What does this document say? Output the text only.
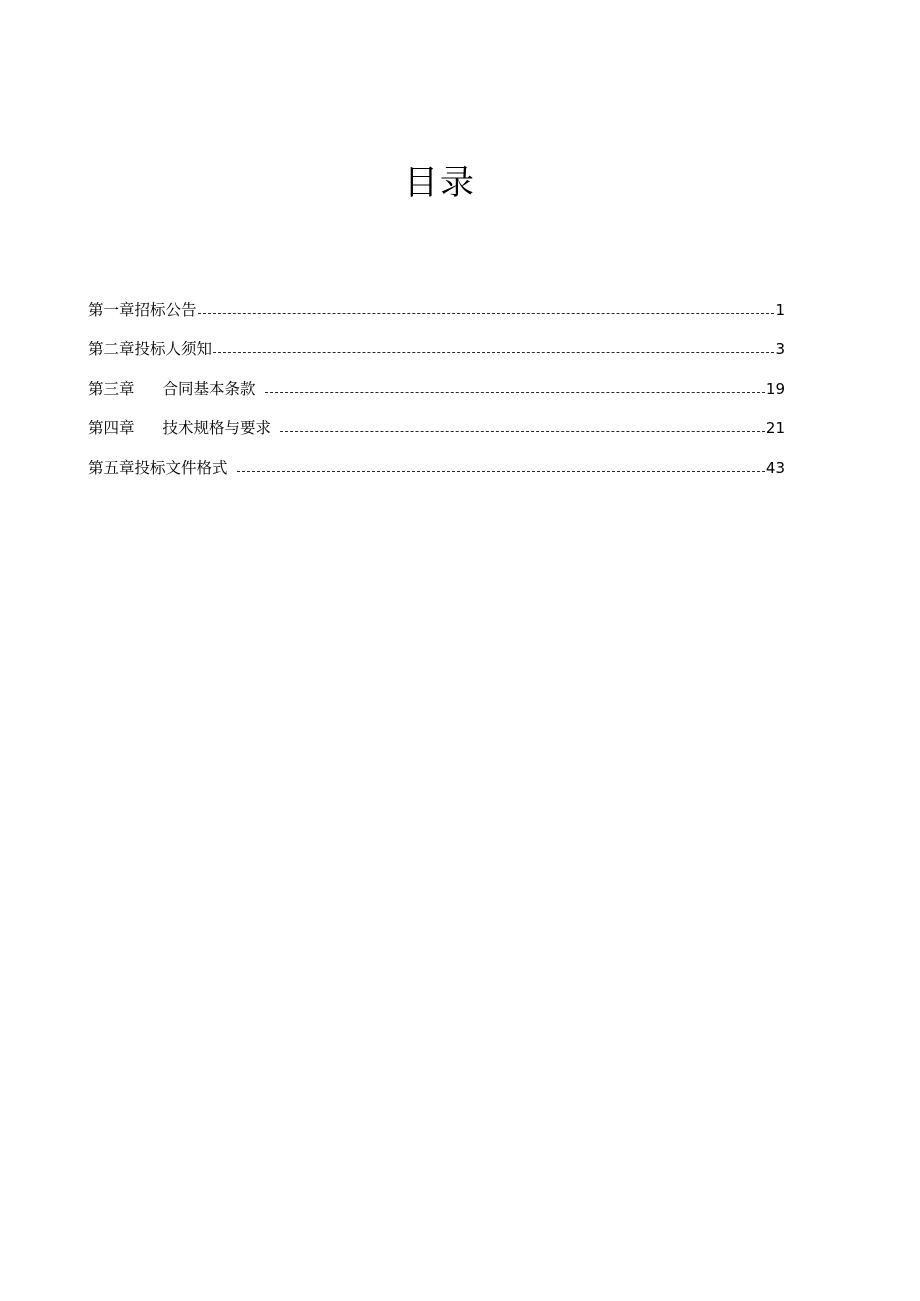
目录
第一章招标公告	1
第二章投标人须知	3
第三章 合同基本条款	19
第四章 技术规格与要求	21
第五章投标文件格式	43
